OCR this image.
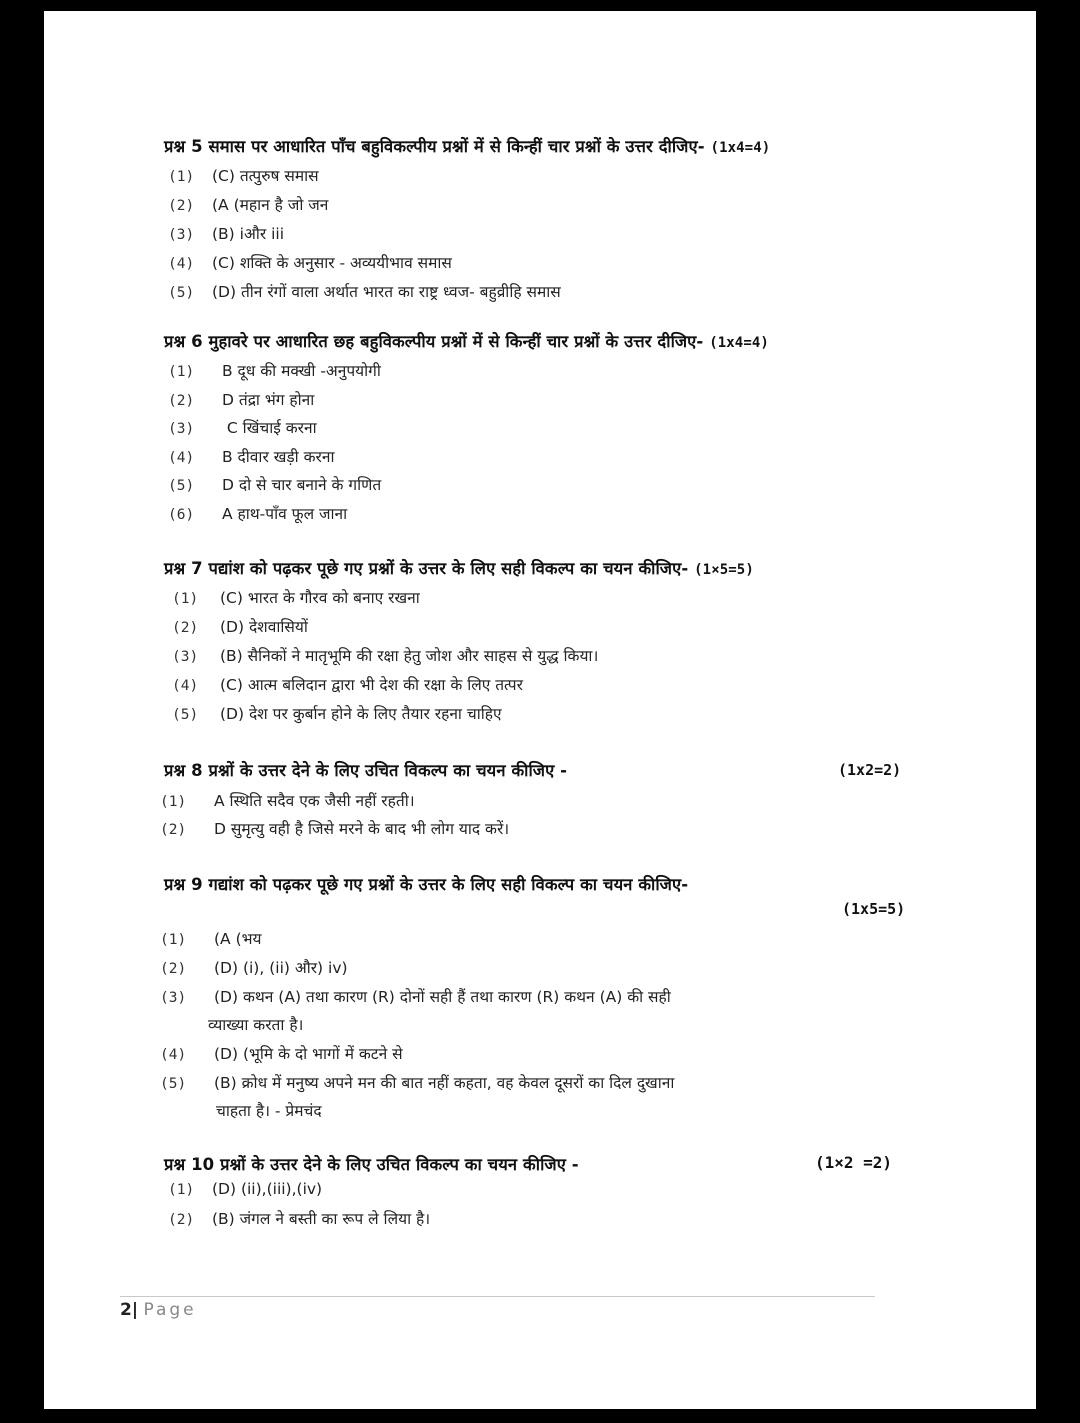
प्रश्न 5 समास पर आधारित पाँच बहुविकल्पीय प्रश्नों में से किन्हीं चार प्रश्नों के उत्तर दीजिए- (1x4=4)
(1) (C) तत्पुरुष समास
(2) (A (महान है जो जन
(3) (B) iऔर iii
(4) (C) शक्ति के अनुसार - अव्ययीभाव समास
(5) (D) तीन रंगों वाला अर्थात भारत का राष्ट्र ध्वज- बहुव्रीहि समास
प्रश्न 6 मुहावरे पर आधारित छह बहुविकल्पीय प्रश्नों में से किन्हीं चार प्रश्नों के उत्तर दीजिए- (1x4=4)
(1) B दूध की मक्खी -अनुपयोगी
(2) D तंद्रा भंग होना
(3) C खिंचाई करना
(4) B दीवार खड़ी करना
(5) D दो से चार बनाने के गणित
(6) A हाथ-पाँव फूल जाना
प्रश्न 7 पद्यांश को पढ़कर पूछे गए प्रश्नों के उत्तर के लिए सही विकल्प का चयन कीजिए- (1×5=5)
(1) (C) भारत के गौरव को बनाए रखना
(2) (D) देशवासियों
(3) (B) सैनिकों ने मातृभूमि की रक्षा हेतु जोश और साहस से युद्ध किया।
(4) (C) आत्म बलिदान द्वारा भी देश की रक्षा के लिए तत्पर
(5) (D) देश पर कुर्बान होने के लिए तैयार रहना चाहिए
प्रश्न 8 प्रश्नों के उत्तर देने के लिए उचित विकल्प का चयन कीजिए -	(1x2=2)
(1) A स्थिति सदैव एक जैसी नहीं रहती।
(2) D सुमृत्यु वही है जिसे मरने के बाद भी लोग याद करें।
प्रश्न 9 गद्यांश को पढ़कर पूछे गए प्रश्नों के उत्तर के लिए सही विकल्प का चयन कीजिए-
(1x5=5)
(1) (A (भय
(2) (D) (i), (ii) और) iv)
(3) (D) कथन (A) तथा कारण (R) दोनों सही हैं तथा कारण (R) कथन (A) की सही
व्याख्या करता है।
(4) (D) (भूमि के दो भागों में कटने से
(5) (B) क्रोध में मनुष्य अपने मन की बात नहीं कहता, वह केवल दूसरों का दिल दुखाना
चाहता है। - प्रेमचंद
प्रश्न 10 प्रश्नों के उत्तर देने के लिए उचित विकल्प का चयन कीजिए -	(1×2 =2)
(1) (D) (ii),(iii),(iv)
(2) (B) जंगल ने बस्ती का रूप ले लिया है।
2| Page
